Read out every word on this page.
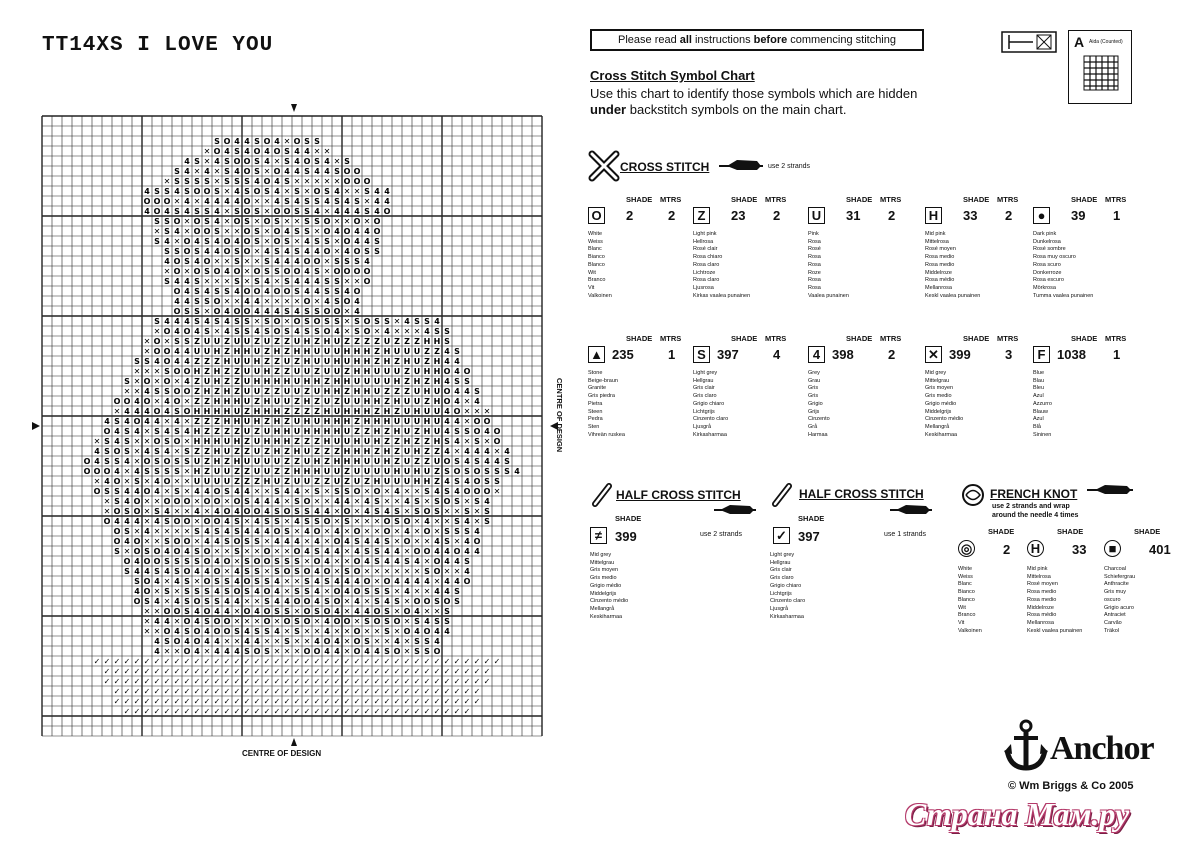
TT14XS I LOVE YOU	Please read all instructions before commencing stitching	A Aida (Counted)
Cross Stitch Symbol Chart
Use this chart to identify those symbols which are hidden
under backstitch symbols on the main chart.
S O 4 4 S O 4 ✕ O S S
✕ O 4 S 4 O 4 O S 4 4 ✕ ✕
4 S ✕ 4 S O O S 4 ✕ S 4 O S 4 ✕ S
S 4 ✕ 4 ✕ S 4 O S ✕ O 4 4 S 4 4 S O O
✕ S S S S ✕ S S S 4 O 4 S ✕ ✕ ✕ ✕ ✕ O O O
4 S S 4 S O O S ✕ 4 S O S 4 ✕ S ✕ O S 4 ✕ ✕ S 4 4
O O O ✕ 4 ✕ 4 4 4 4 O ✕ ✕ 4 S 4 S S 4 S 4 S ✕ 4 4
4 O 4 S 4 S S 4 ✕ S O S ✕ O O S S 4 ✕ 4 4 4 S 4 O
S S O ✕ O S 4 ✕ O S ✕ O S ✕ ✕ S S O ✕ ✕ O ✕ O
✕ S 4 ✕ O O S ✕ ✕ O S ✕ O 4 S S ✕ O 4 O 4 4 O
S 4 ✕ O 4 S 4 O 4 O S ✕ O S ✕ 4 S S ✕ O 4 4 S
S S O S 4 4 O S O ✕ 4 S 4 S 4 4 O ✕ 4 O S S
4 O S 4 O ✕ ✕ S ✕ ✕ S 4 4 4 O O ✕ S S S 4
✕ O ✕ O S O 4 O ✕ O S S O O 4 S ✕ O O O O
S 4 4 S ✕ ✕ ✕ S ✕ S 4 ✕ S 4 4 4 S S ✕ ✕ O
O 4 S 4 S S 4 O O 4 O O S 4 4 S S 4 O
4 4 S S O ✕ ✕ 4 4 ✕ ✕ ✕ ✕ O ✕ 4 S O 4
O S S ✕ O 4 O O 4 4 4 S 4 S S O O ✕ 4
S 4 4 4 S 4 S 4 S S ✕ S O ✕ O S O S S ✕ S O S S ✕ 4 S S 4
✕ O 4 O 4 S ✕ 4 S S 4 S O S 4 S S O 4 ✕ S O ✕ 4 ✕ ✕ ✕ 4 S S
✕ O ✕ S S Z U U Z U U Z U Z Z U H Z H U Z Z Z Z U Z Z Z H H S
✕ O O 4 4 U U H Z H H U Z H Z H H U U U H H H Z H U U U Z Z 4 S
S S 4 O 4 4 Z Z Z H U U H Z Z U Z H U U H U H H Z H Z H U Z H 4 4
✕ ✕ ✕ S O O H Z H Z Z U U H Z Z U U Z U U Z H H U U U Z U H H O 4 O
S ✕ O ✕ O ✕ 4 Z U H Z Z U H H H H U H H Z H H U U U U H Z H Z H 4 S S
✕ ✕ 4 S S O O Z H Z H Z U U Z Z U U Z U H H Z H H U Z Z Z U H U O 4 4 S
O O 4 O ✕ 4 O ✕ Z Z H H H U Z H U U Z H Z U Z U U H H Z H U U Z H O 4 ✕ 4
✕ 4 4 4 O 4 S O H H H H U Z H H H Z Z Z Z H U H H H Z H Z U H U U 4 O ✕ ✕ ✕
4 S 4 O 4 4 ✕ 4 ✕ Z Z Z H H U H Z H Z U H U H H H Z H H H U U U H U 4 4 ✕ O O
O 4 S 4 ✕ S 4 S 4 H Z Z Z Z U Z U H H U H H H H U Z Z H Z H U Z H U 4 S S O 4 O
✕ S 4 S ✕ ✕ O S O ✕ H H H U H Z U H H H Z Z Z H U U H U H Z Z H Z Z H S 4 ✕ S ✕ O
4 S O S ✕ 4 S 4 ✕ S Z Z H U Z Z U Z H Z H U Z Z Z H H H Z H Z U H Z Z 4 ✕ 4 4 4 ✕ 4
O 4 S S 4 ✕ O S O S S U Z H Z H U U U U Z Z U H Z H H H U U H Z U Z Z U O S 4 S 4 4 S
O O O 4 ✕ 4 S S S S ✕ H Z U U Z Z U U Z Z H H H U U Z U U U U H U H U Z S O S O S S S 4
✕ 4 O ✕ S ✕ 4 O ✕ ✕ U U U U Z Z Z H U Z U U Z Z U Z U Z H U U U H H Z 4 S 4 O S S
O S S 4 4 O 4 ✕ S ✕ 4 4 O S 4 4 ✕ ✕ S 4 4 ✕ S ✕ S S O ✕ O ✕ 4 ✕ ✕ S 4 S 4 O O O ✕
✕ S 4 O ✕ ✕ O O O ✕ O O ✕ O S 4 4 4 ✕ S O ✕ ✕ 4 4 ✕ 4 S ✕ ✕ 4 S ✕ S O S ✕ S 4
✕ O S O ✕ S 4 ✕ ✕ 4 ✕ 4 O 4 O O 4 S O S S 4 4 ✕ O ✕ 4 S 4 S ✕ S O S ✕ ✕ S ✕ S
O 4 4 4 ✕ 4 S O O ✕ O O 4 S ✕ 4 S S ✕ 4 S S O ✕ S ✕ ✕ ✕ O S O ✕ 4 ✕ ✕ S 4 ✕ S
O S ✕ 4 ✕ ✕ ✕ ✕ S 4 S 4 S 4 4 4 O S ✕ 4 O ✕ 4 ✕ O ✕ ✕ O ✕ 4 ✕ O ✕ S S S 4
O 4 O ✕ ✕ S O O ✕ 4 4 S O S S ✕ 4 4 4 ✕ 4 ✕ O 4 S 4 4 S ✕ O ✕ ✕ 4 S ✕ 4 O
S ✕ O S O 4 O 4 S O ✕ ✕ S ✕ ✕ O ✕ ✕ O 4 S 4 4 ✕ 4 S S 4 4 ✕ O O 4 4 O 4 4
O 4 O O S S S S O 4 O ✕ S O O S S S ✕ O 4 ✕ ✕ O 4 S 4 4 S 4 ✕ O 4 4 S
S 4 4 S 4 S O 4 4 O ✕ 4 S S ✕ S O S O 4 O ✕ S O ✕ ✕ ✕ ✕ ✕ ✕ S O ✕ ✕ 4
S O 4 ✕ 4 S ✕ O S S 4 O S S 4 ✕ ✕ S 4 S 4 4 4 O ✕ O 4 4 4 4 ✕ 4 4 O
4 O ✕ S ✕ S S S 4 S O S 4 O 4 ✕ S S 4 ✕ O 4 O S S S ✕ 4 ✕ ✕ 4 4 S
O S 4 ✕ 4 S O S S 4 4 ✕ ✕ S 4 4 O O 4 S O ✕ 4 ✕ S 4 S ✕ O O S O S
✕ ✕ O O S 4 O 4 4 ✕ O 4 O S S ✕ O S O 4 ✕ 4 4 O S ✕ O 4 ✕ ✕ S
✕ 4 4 ✕ O 4 S O O ✕ ✕ ✕ O ✕ O S O ✕ 4 O O ✕ S O S O ✕ S 4 S S
✕ ✕ O 4 S O 4 O O S 4 S S 4 ✕ S ✕ ✕ 4 ✕ ✕ O ✕ ✕ S ✕ O 4 O 4 4
4 S O 4 O 4 4 ✕ ✕ 4 4 ✕ ✕ S ✕ ✕ 4 O 4 ✕ O S ✕ ✕ 4 ✕ S S 4
4 ✕ ✕ O 4 ✕ 4 4 4 S O S ✕ ✕ ✕ O O 4 4 ✕ O 4 4 S O ✕ S S O
✓ ✓ ✓ ✓ ✓ ✓ ✓ ✓ ✓ ✓ ✓ ✓ ✓ ✓ ✓ ✓ ✓ ✓ ✓ ✓ ✓ ✓ ✓ ✓ ✓ ✓ ✓ ✓ ✓ ✓ ✓ ✓ ✓ ✓ ✓ ✓ ✓ ✓ ✓ ✓ ✓
✓ ✓ ✓ ✓ ✓ ✓ ✓ ✓ ✓ ✓ ✓ ✓ ✓ ✓ ✓ ✓ ✓ ✓ ✓ ✓ ✓ ✓ ✓ ✓ ✓ ✓ ✓ ✓ ✓ ✓ ✓ ✓ ✓ ✓ ✓ ✓ ✓ ✓ ✓
✓ ✓ ✓ ✓ ✓ ✓ ✓ ✓ ✓ ✓ ✓ ✓ ✓ ✓ ✓ ✓ ✓ ✓ ✓ ✓ ✓ ✓ ✓ ✓ ✓ ✓ ✓ ✓ ✓ ✓ ✓ ✓ ✓ ✓ ✓ ✓ ✓ ✓ ✓
✓ ✓ ✓ ✓ ✓ ✓ ✓ ✓ ✓ ✓ ✓ ✓ ✓ ✓ ✓ ✓ ✓ ✓ ✓ ✓ ✓ ✓ ✓ ✓ ✓ ✓ ✓ ✓ ✓ ✓ ✓ ✓ ✓ ✓ ✓ ✓ ✓
✓ ✓ ✓ ✓ ✓ ✓ ✓ ✓ ✓ ✓ ✓ ✓ ✓ ✓ ✓ ✓ ✓ ✓ ✓ ✓ ✓ ✓ ✓ ✓ ✓ ✓ ✓ ✓ ✓ ✓ ✓ ✓ ✓ ✓ ✓ ✓ ✓
✓ ✓ ✓ ✓ ✓ ✓ ✓ ✓ ✓ ✓ ✓ ✓ ✓ ✓ ✓ ✓ ✓ ✓ ✓ ✓ ✓ ✓ ✓ ✓ ✓ ✓ ✓ ✓ ✓ ✓ ✓ ✓ ✓ ✓ ✓
CENTRE OF DESIGN
CENTRE OF DESIGN
CROSS STITCH	use 2 strands
SHADE MTRS
O 2	2
White
Weiss
Blanc
Bianco
Blanco
Wit
Branco
Vit
Valkoinen
SHADE MTRS
Z	23 2
Light pink
Hellrosa
Rosé clair
Rosa chiaro
Rosa claro
Lichtroze
Rosa claro
Ljusrosa
Kirkas vaalea punainen
SHADE MTRS
U 31 2
Pink
Rosa
Rosé
Rosa
Rosa
Roze
Rosa
Rosa
Vaalea punainen
SHADE MTRS
H 33 2
Mid pink
Mittelrosa
Rosé moyen
Rosa medio
Rosa medio
Middelroze
Rosa médio
Mellanrosa
Keskl vaalea punainen
SHADE MTRS
●	39 1
Dark pink
Dunkelrosa
Rosé sombre
Rosa muy oscuro
Rosa scuro
Donkerroze
Rosa escuro
Mörkrosa
Tumma vaalea punainen
SHADE MTRS
▲ 235	1
Stone
Beige-braun
Granite
Gris piedra
Pietra
Steen
Pedra
Sten
Vihreän ruskea
SHADE MTRS
S 397	4
Light grey
Hellgrau
Gris clair
Gris claro
Grigio chiaro
Lichtgrijs
Cinzento claro
Ljusgrå
Kirkasharmaa
SHADE MTRS
4 398	2
Grey
Grau
Gris
Gris
Grigio
Grijs
Cinzento
Grå
Harmaa
SHADE MTRS
✕ 399	3
Mid grey
Mittelgrau
Gris moyen
Gris medio
Grigio médio
Middelgrijs
Cinzento médio
Mellangrå
Keskiharmaa
SHADE MTRS
F 1038 1
Blue
Blau
Bleu
Azul
Azzurro
Blauw
Azul
Blå
Sininen
HALF CROSS STITCH
SHADE
≠ 399	use 2 strands
Mid grey
Mittelgrau
Gris moyen
Gris medio
Grigio médio
Middelgrijs
Cinzento médio
Mellangrå
Keskiharmaa
HALF CROSS STITCH
SHADE
✓ 397	use 1 strands
Light grey
Hellgrau
Gris clair
Gris claro
Grigio chiaro
Lichtgrijs
Cinzento claro
Ljusgrå
Kirkasharmaa
FRENCH KNOT
use 2 strands and wrap
around the needle 4 times
SHADE
◎ 2
White
Weiss
Blanc
Bianco
Blanco
Wit
Branco
Vit
Valkoinen
SHADE
H 33
Mid pink
Mittelrosa
Rosé moyen
Rosa medio
Rosa medio
Middelroze
Rosa médio
Mellanrosa
Keskl vaalea punainen
SHADE
■	401
Charcoal
Schiefergrau
Anthracite
Gris muy
oscuro
Grigio acuro
Antraciet
Carvão
Träkol
Anchor
© Wm Briggs & Co 2005
Страна Мам.ру
